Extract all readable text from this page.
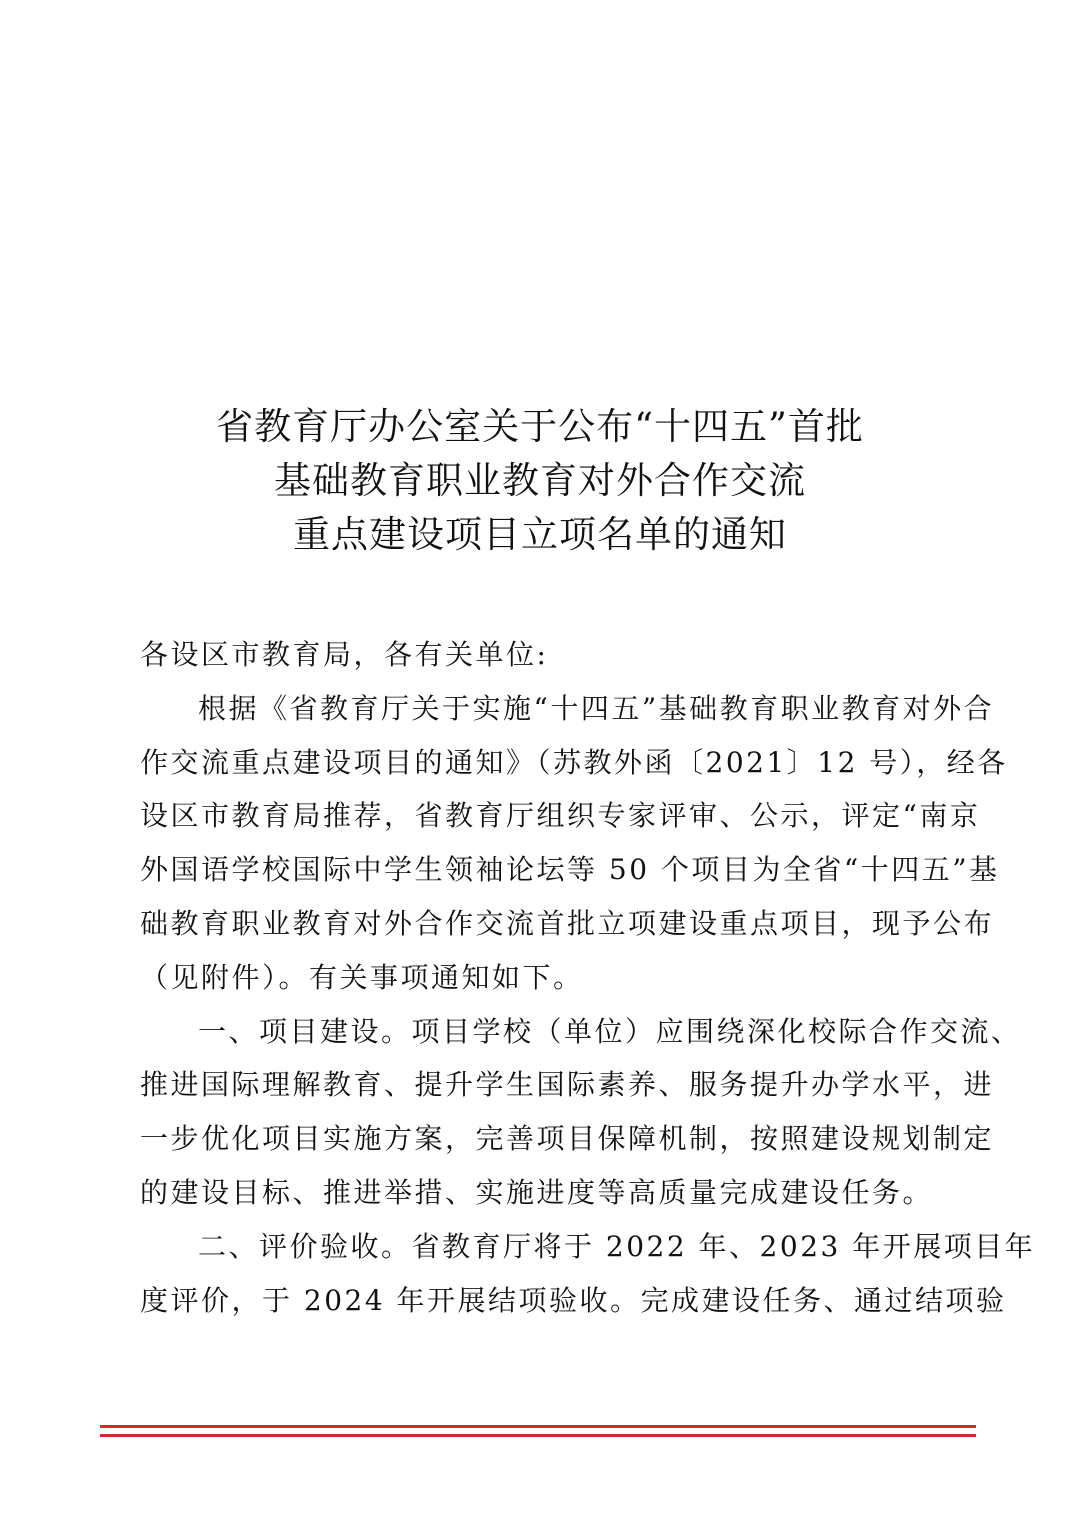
省教育厅办公室关于公布“十四五”首批
基础教育职业教育对外合作交流
重点建设项目立项名单的通知

各设区市教育局，各有关单位:

根据《省教育厅关于实施“十四五”基础教育职业教育对外合
作交流重点建设项目的通知》（苏教外函〔2021〕12 号），经各
设区市教育局推荐，省教育厅组织专家评审、公示，评定“南京
外国语学校国际中学生领袖论坛等 50 个项目为全省“十四五”基
础教育职业教育对外合作交流首批立项建设重点项目，现予公布
（见附件）。有关事项通知如下。

一、项目建设。项目学校（单位）应围绕深化校际合作交流、
推进国际理解教育、提升学生国际素养、服务提升办学水平，进
一步优化项目实施方案，完善项目保障机制，按照建设规划制定
的建设目标、推进举措、实施进度等高质量完成建设任务。

二、评价验收。省教育厅将于 2022 年、2023 年开展项目年
度评价，于 2024 年开展结项验收。完成建设任务、通过结项验
